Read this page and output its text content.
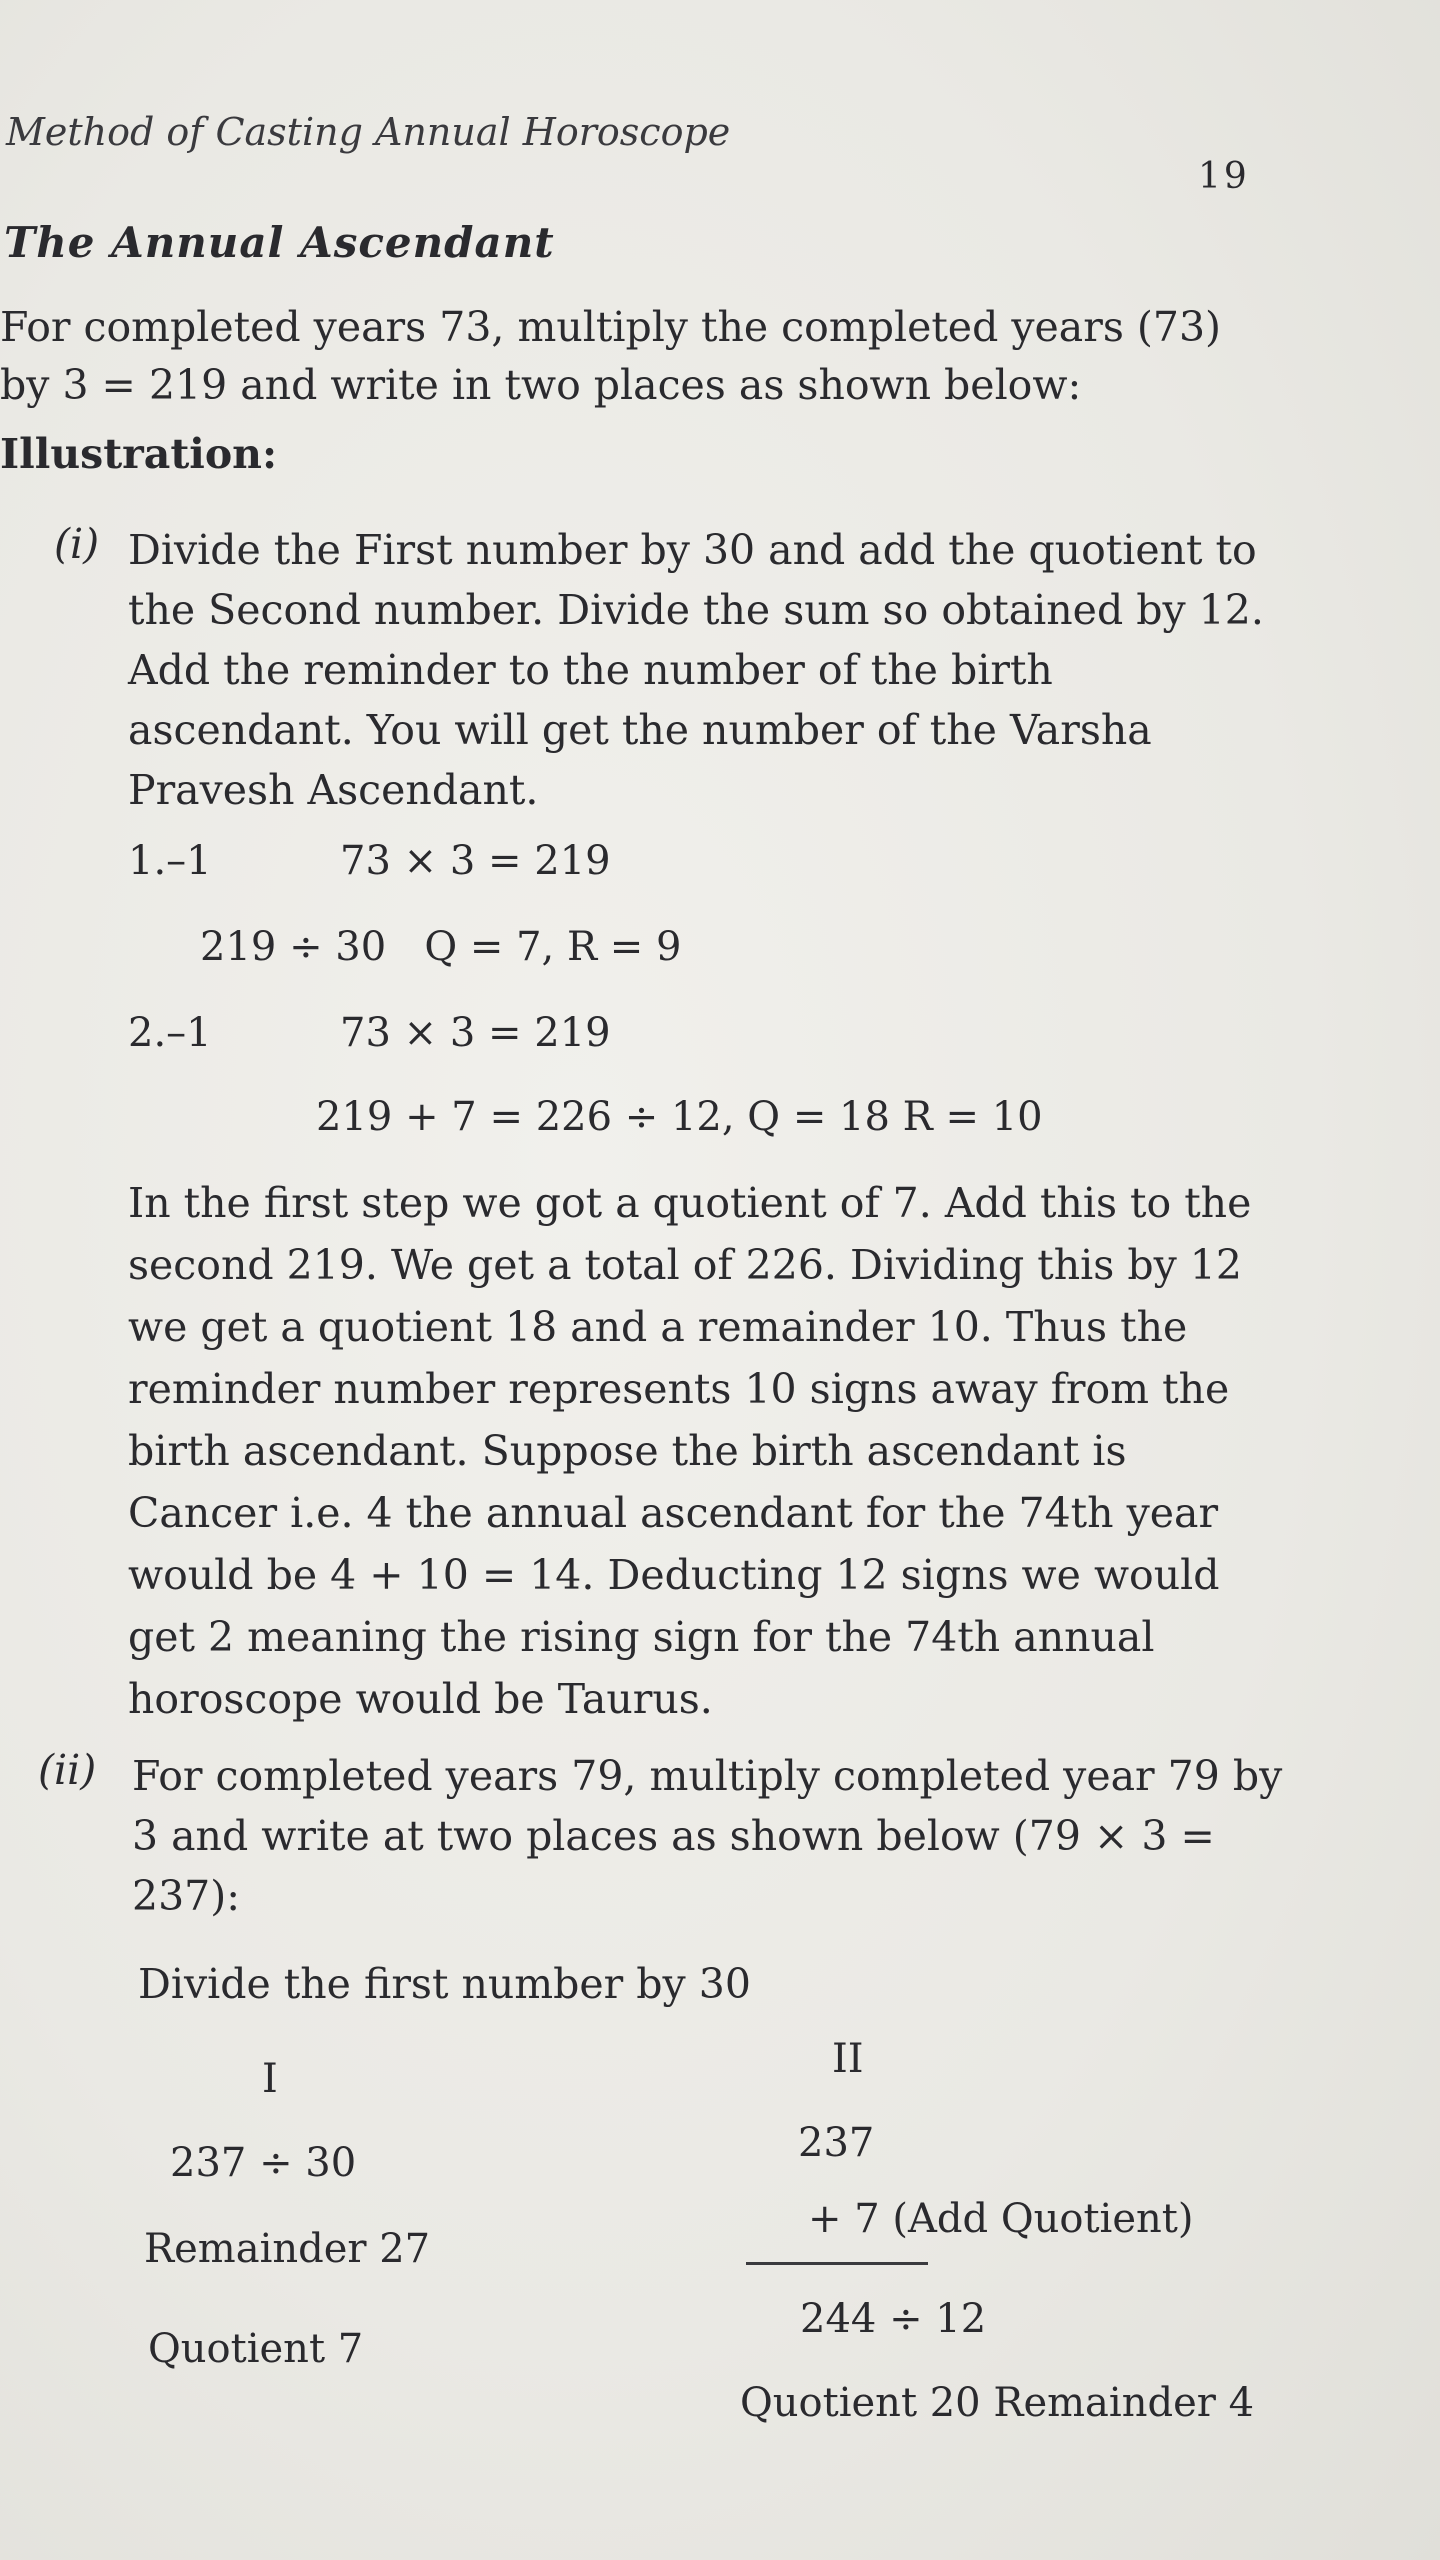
Method of Casting Annual Horoscope
19
The Annual Ascendant
For completed years 73, multiply the completed years (73) by 3 = 219 and write in two places as shown below:
Illustration:
(i) Divide the First number by 30 and add the quotient to the Second number. Divide the sum so obtained by 12. Add the reminder to the number of the birth ascendant. You will get the number of the Varsha Pravesh Ascendant.
1.–1	73 × 3 = 219
219 ÷ 30   Q = 7, R = 9
2.–1	73 × 3 = 219
219 + 7 = 226 ÷ 12, Q = 18 R = 10
In the first step we got a quotient of 7. Add this to the second 219. We get a total of 226. Dividing this by 12 we get a quotient 18 and a remainder 10. Thus the reminder number represents 10 signs away from the birth ascendant. Suppose the birth ascendant is Cancer i.e. 4 the annual ascendant for the 74th year would be 4 + 10 = 14. Deducting 12 signs we would get 2 meaning the rising sign for the 74th annual horoscope would be Taurus.
(ii) For completed years 79, multiply completed year 79 by 3 and write at two places as shown below (79 × 3 = 237):
Divide the first number by 30
I	II
237 ÷ 30	237
Remainder 27
+ 7 (Add Quotient)
Quotient 7
244 ÷ 12
Quotient 20 Remainder 4
